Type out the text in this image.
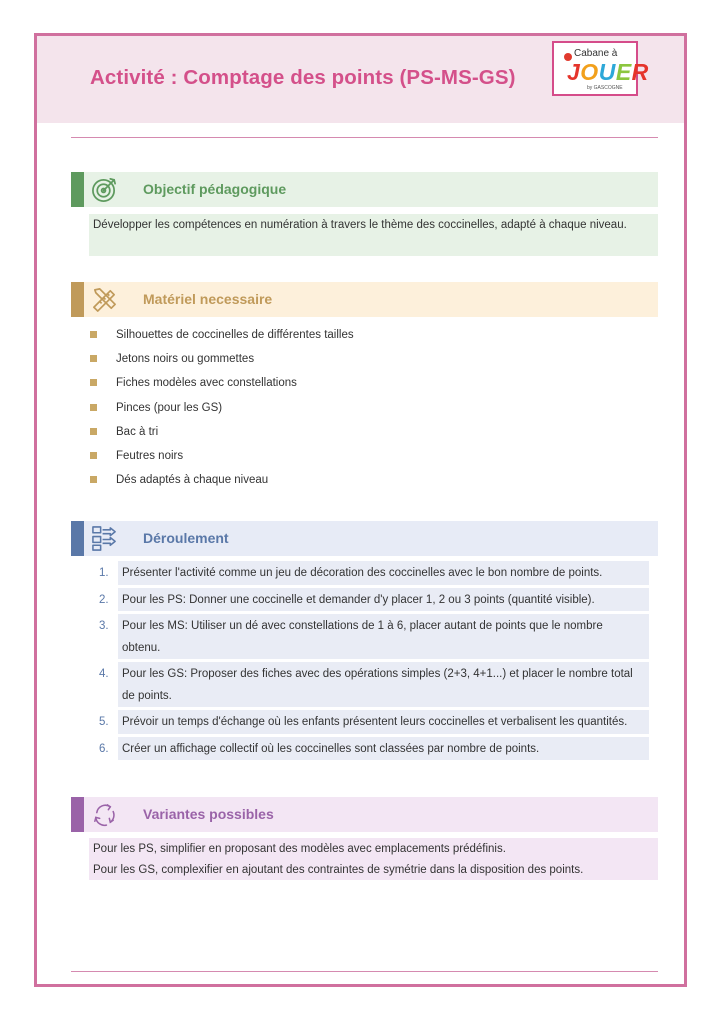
Activité : Comptage des points (PS-MS-GS)
Cabane à
JOUER
by GASCOGNE
Objectif pédagogique
Développer les compétences en numération à travers le thème des coccinelles, adapté à chaque niveau.
Matériel necessaire
Silhouettes de coccinelles de différentes tailles
Jetons noirs ou gommettes
Fiches modèles avec constellations
Pinces (pour les GS)
Bac à tri
Feutres noirs
Dés adaptés à chaque niveau
Déroulement
1.	Présenter l'activité comme un jeu de décoration des coccinelles avec le bon nombre de points.
2.	Pour les PS: Donner une coccinelle et demander d'y placer 1, 2 ou 3 points (quantité visible).
3.	Pour les MS: Utiliser un dé avec constellations de 1 à 6, placer autant de points que le nombre obtenu.
4.	Pour les GS: Proposer des fiches avec des opérations simples (2+3, 4+1...) et placer le nombre total de points.
5.	Prévoir un temps d'échange où les enfants présentent leurs coccinelles et verbalisent les quantités.
6.	Créer un affichage collectif où les coccinelles sont classées par nombre de points.
Variantes possibles
Pour les PS, simplifier en proposant des modèles avec emplacements prédéfinis.
Pour les GS, complexifier en ajoutant des contraintes de symétrie dans la disposition des points.
